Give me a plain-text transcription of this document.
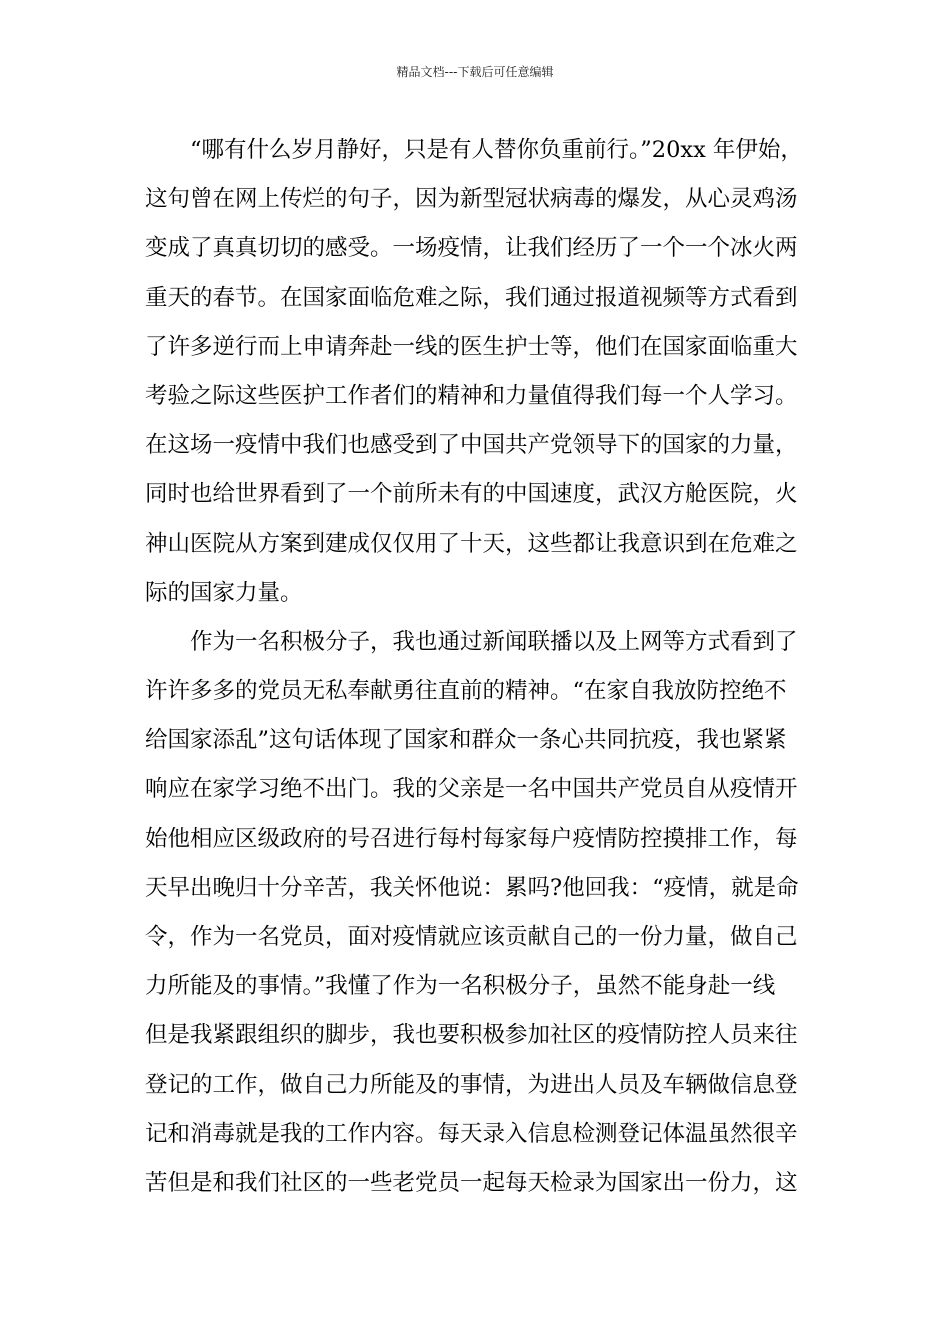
精品文档---下载后可任意编辑
“哪有什么岁月静好，只是有人替你负重前行。”20xx 年伊始，
这句曾在网上传烂的句子，因为新型冠状病毒的爆发，从心灵鸡汤
变成了真真切切的感受。一场疫情，让我们经历了一个一个冰火两
重天的春节。在国家面临危难之际，我们通过报道视频等方式看到
了许多逆行而上申请奔赴一线的医生护士等，他们在国家面临重大
考验之际这些医护工作者们的精神和力量值得我们每一个人学习。
在这场一疫情中我们也感受到了中国共产党领导下的国家的力量，
同时也给世界看到了一个前所未有的中国速度，武汉方舱医院，火
神山医院从方案到建成仅仅用了十天，这些都让我意识到在危难之
际的国家力量。
作为一名积极分子，我也通过新闻联播以及上网等方式看到了
许许多多的党员无私奉献勇往直前的精神。“在家自我放防控绝不
给国家添乱”这句话体现了国家和群众一条心共同抗疫，我也紧紧
响应在家学习绝不出门。我的父亲是一名中国共产党员自从疫情开
始他相应区级政府的号召进行每村每家每户疫情防控摸排工作，每
天早出晚归十分辛苦，我关怀他说：累吗?他回我：“疫情，就是命
令，作为一名党员，面对疫情就应该贡献自己的一份力量，做自己
力所能及的事情。”我懂了作为一名积极分子，虽然不能身赴一线
但是我紧跟组织的脚步，我也要积极参加社区的疫情防控人员来往
登记的工作，做自己力所能及的事情，为进出人员及车辆做信息登
记和消毒就是我的工作内容。每天录入信息检测登记体温虽然很辛
苦但是和我们社区的一些老党员一起每天检录为国家出一份力，这
